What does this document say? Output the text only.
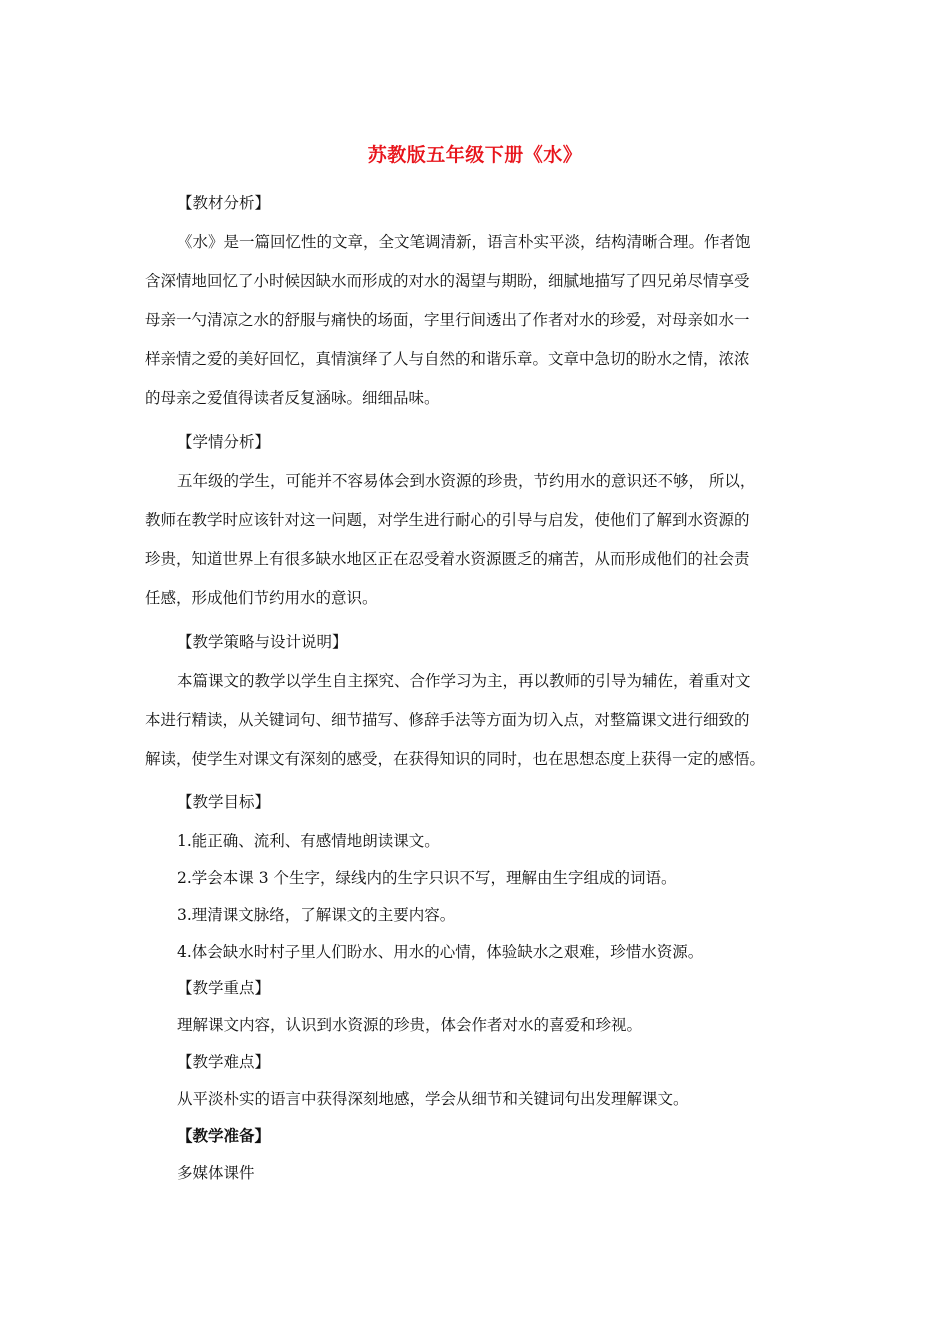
苏教版五年级下册《水》

【教材分析】

《水》是一篇回忆性的文章，全文笔调清新，语言朴实平淡，结构清晰合理。作者饱

含深情地回忆了小时候因缺水而形成的对水的渴望与期盼，细腻地描写了四兄弟尽情享受

母亲一勺清凉之水的舒服与痛快的场面，字里行间透出了作者对水的珍爱，对母亲如水一

样亲情之爱的美好回忆，真情演绎了人与自然的和谐乐章。文章中急切的盼水之情，浓浓

的母亲之爱值得读者反复涵咏。细细品味。

【学情分析】

五年级的学生，可能并不容易体会到水资源的珍贵，节约用水的意识还不够， 所以，

教师在教学时应该针对这一问题，对学生进行耐心的引导与启发，使他们了解到水资源的

珍贵，知道世界上有很多缺水地区正在忍受着水资源匮乏的痛苦，从而形成他们的社会责

任感，形成他们节约用水的意识。

【教学策略与设计说明】

本篇课文的教学以学生自主探究、合作学习为主，再以教师的引导为辅佐，着重对文

本进行精读，从关键词句、细节描写、修辞手法等方面为切入点，对整篇课文进行细致的

解读，使学生对课文有深刻的感受，在获得知识的同时，也在思想态度上获得一定的感悟。

【教学目标】

1.能正确、流利、有感情地朗读课文。

2.学会本课 3 个生字，绿线内的生字只识不写，理解由生字组成的词语。

3.理清课文脉络，了解课文的主要内容。

4.体会缺水时村子里人们盼水、用水的心情，体验缺水之艰难，珍惜水资源。

【教学重点】

理解课文内容，认识到水资源的珍贵，体会作者对水的喜爱和珍视。

【教学难点】

从平淡朴实的语言中获得深刻地感，学会从细节和关键词句出发理解课文。

【教学准备】

多媒体课件
